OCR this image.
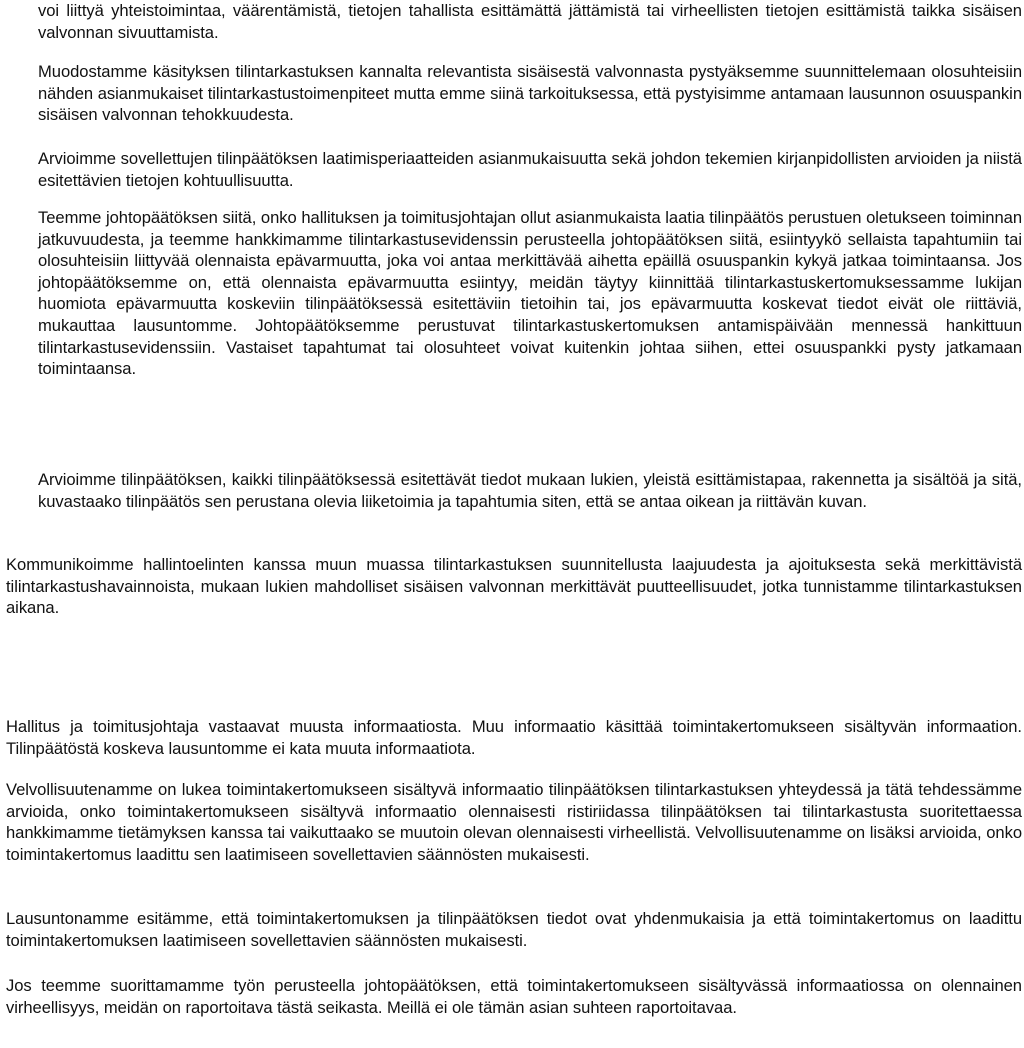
voi liittyä yhteistoimintaa, väärentämistä, tietojen tahallista esittämättä jättämistä tai virheellisten tietojen esittämistä taikka sisäisen valvonnan sivuuttamista.

Muodostamme käsityksen tilintarkastuksen kannalta relevantista sisäisestä valvonnasta pystyäksemme suunnittelemaan olosuhteisiin nähden asianmukaiset tilintarkastustoimenpiteet mutta emme siinä tarkoituksessa, että pystyisimme antamaan lausunnon osuuspankin sisäisen valvonnan tehokkuudesta.

Arvioimme sovellettujen tilinpäätöksen laatimisperiaatteiden asianmukaisuutta sekä johdon tekemien kirjanpidollisten arvioiden ja niistä esitettävien tietojen kohtuullisuutta.

Teemme johtopäätöksen siitä, onko hallituksen ja toimitusjohtajan ollut asianmukaista laatia tilinpäätös perustuen oletukseen toiminnan jatkuvuudesta, ja teemme hankkimamme tilintarkastusevidenssin perusteella johtopäätöksen siitä, esiintyykö sellaista tapahtumiin tai olosuhteisiin liittyvää olennaista epävarmuutta, joka voi antaa merkittävää aihetta epäillä osuuspankin kykyä jatkaa toimintaansa. Jos johtopäätöksemme on, että olennaista epävarmuutta esiintyy, meidän täytyy kiinnittää tilintarkastuskertomuksessamme lukijan huomiota epävarmuutta koskeviin tilinpäätöksessä esitettäviin tietoihin tai, jos epävarmuutta koskevat tiedot eivät ole riittäviä, mukauttaa lausuntomme. Johtopäätöksemme perustuvat tilintarkastuskertomuksen antamispäivään mennessä hankittuun tilintarkastusevidenssiin. Vastaiset tapahtumat tai olosuhteet voivat kuitenkin johtaa siihen, ettei osuuspankki pysty jatkamaan toimintaansa.

Arvioimme tilinpäätöksen, kaikki tilinpäätöksessä esitettävät tiedot mukaan lukien, yleistä esittämistapaa, rakennetta ja sisältöä ja sitä, kuvastaako tilinpäätös sen perustana olevia liiketoimia ja tapahtumia siten, että se antaa oikean ja riittävän kuvan.

Kommunikoimme hallintoelinten kanssa muun muassa tilintarkastuksen suunnitellusta laajuudesta ja ajoituksesta sekä merkittävistä tilintarkastushavainnoista, mukaan lukien mahdolliset sisäisen valvonnan merkittävät puutteellisuudet, jotka tunnistamme tilintarkastuksen aikana.

Hallitus ja toimitusjohtaja vastaavat muusta informaatiosta. Muu informaatio käsittää toimintakertomukseen sisältyvän informaation. Tilinpäätöstä koskeva lausuntomme ei kata muuta informaatiota.

Velvollisuutenamme on lukea toimintakertomukseen sisältyvä informaatio tilinpäätöksen tilintarkastuksen yhteydessä ja tätä tehdessämme arvioida, onko toimintakertomukseen sisältyvä informaatio olennaisesti ristiriidassa tilinpäätöksen tai tilintarkastusta suoritettaessa hankkimamme tietämyksen kanssa tai vaikuttaako se muutoin olevan olennaisesti virheellistä. Velvollisuutenamme on lisäksi arvioida, onko toimintakertomus laadittu sen laatimiseen sovellettavien säännösten mukaisesti.

Lausuntonamme esitämme, että toimintakertomuksen ja tilinpäätöksen tiedot ovat yhdenmukaisia ja että toimintakertomus on laadittu toimintakertomuksen laatimiseen sovellettavien säännösten mukaisesti.

Jos teemme suorittamamme työn perusteella johtopäätöksen, että toimintakertomukseen sisältyvässä informaatiossa on olennainen virheellisyys, meidän on raportoitava tästä seikasta. Meillä ei ole tämän asian suhteen raportoitavaa.
